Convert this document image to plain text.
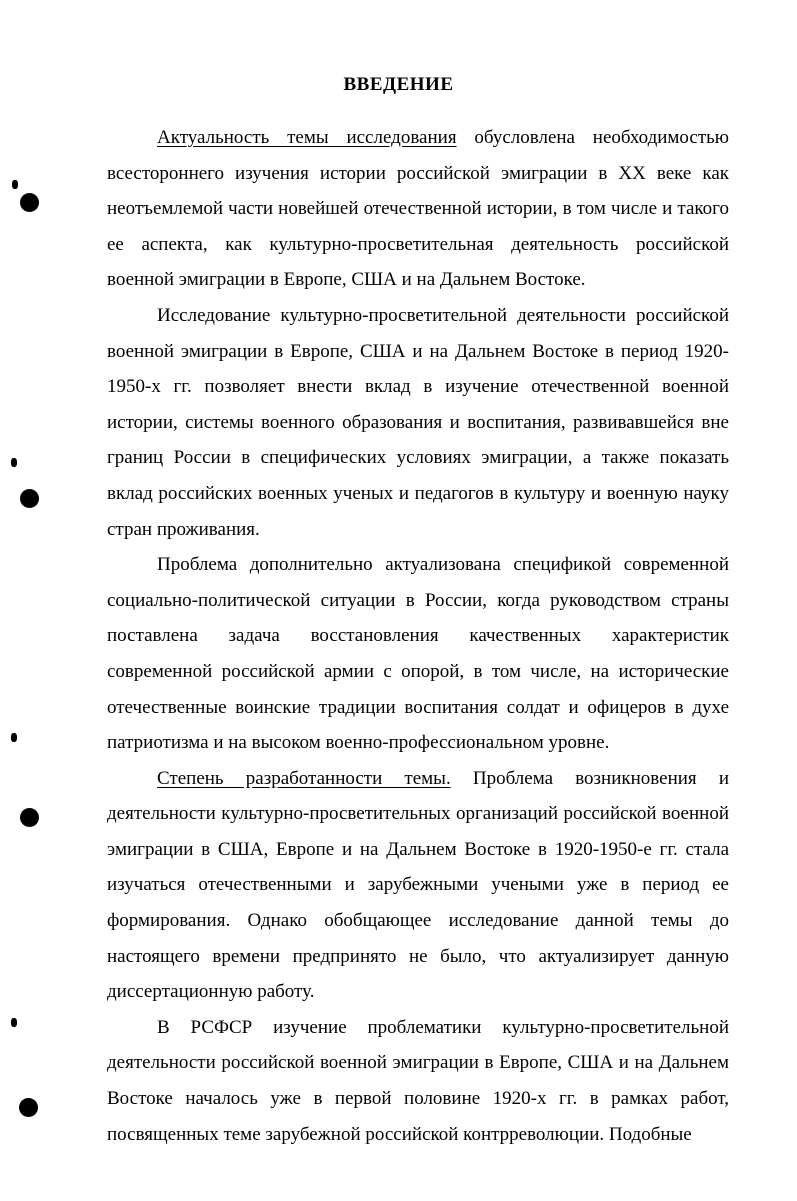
ВВЕДЕНИЕ

Актуальность темы исследования обусловлена необходимостью всестороннего изучения истории российской эмиграции в XX веке как неотъемлемой части новейшей отечественной истории, в том числе и такого ее аспекта, как культурно-просветительная деятельность российской военной эмиграции в Европе, США и на Дальнем Востоке.

Исследование культурно-просветительной деятельности российской военной эмиграции в Европе, США и на Дальнем Востоке в период 1920-1950-х гг. позволяет внести вклад в изучение отечественной военной истории, системы военного образования и воспитания, развивавшейся вне границ России в специфических условиях эмиграции, а также показать вклад российских военных ученых и педагогов в культуру и военную науку стран проживания.

Проблема дополнительно актуализована спецификой современной социально-политической ситуации в России, когда руководством страны поставлена задача восстановления качественных характеристик современной российской армии с опорой, в том числе, на исторические отечественные воинские традиции воспитания солдат и офицеров в духе патриотизма и на высоком военно-профессиональном уровне.

Степень разработанности темы. Проблема возникновения и деятельности культурно-просветительных организаций российской военной эмиграции в США, Европе и на Дальнем Востоке в 1920-1950-е гг. стала изучаться отечественными и зарубежными учеными уже в период ее формирования. Однако обобщающее исследование данной темы до настоящего времени предпринято не было, что актуализирует данную диссертационную работу.

В РСФСР изучение проблематики культурно-просветительной деятельности российской военной эмиграции в Европе, США и на Дальнем Востоке началось уже в первой половине 1920-х гг. в рамках работ, посвященных теме зарубежной российской контрреволюции. Подобные
